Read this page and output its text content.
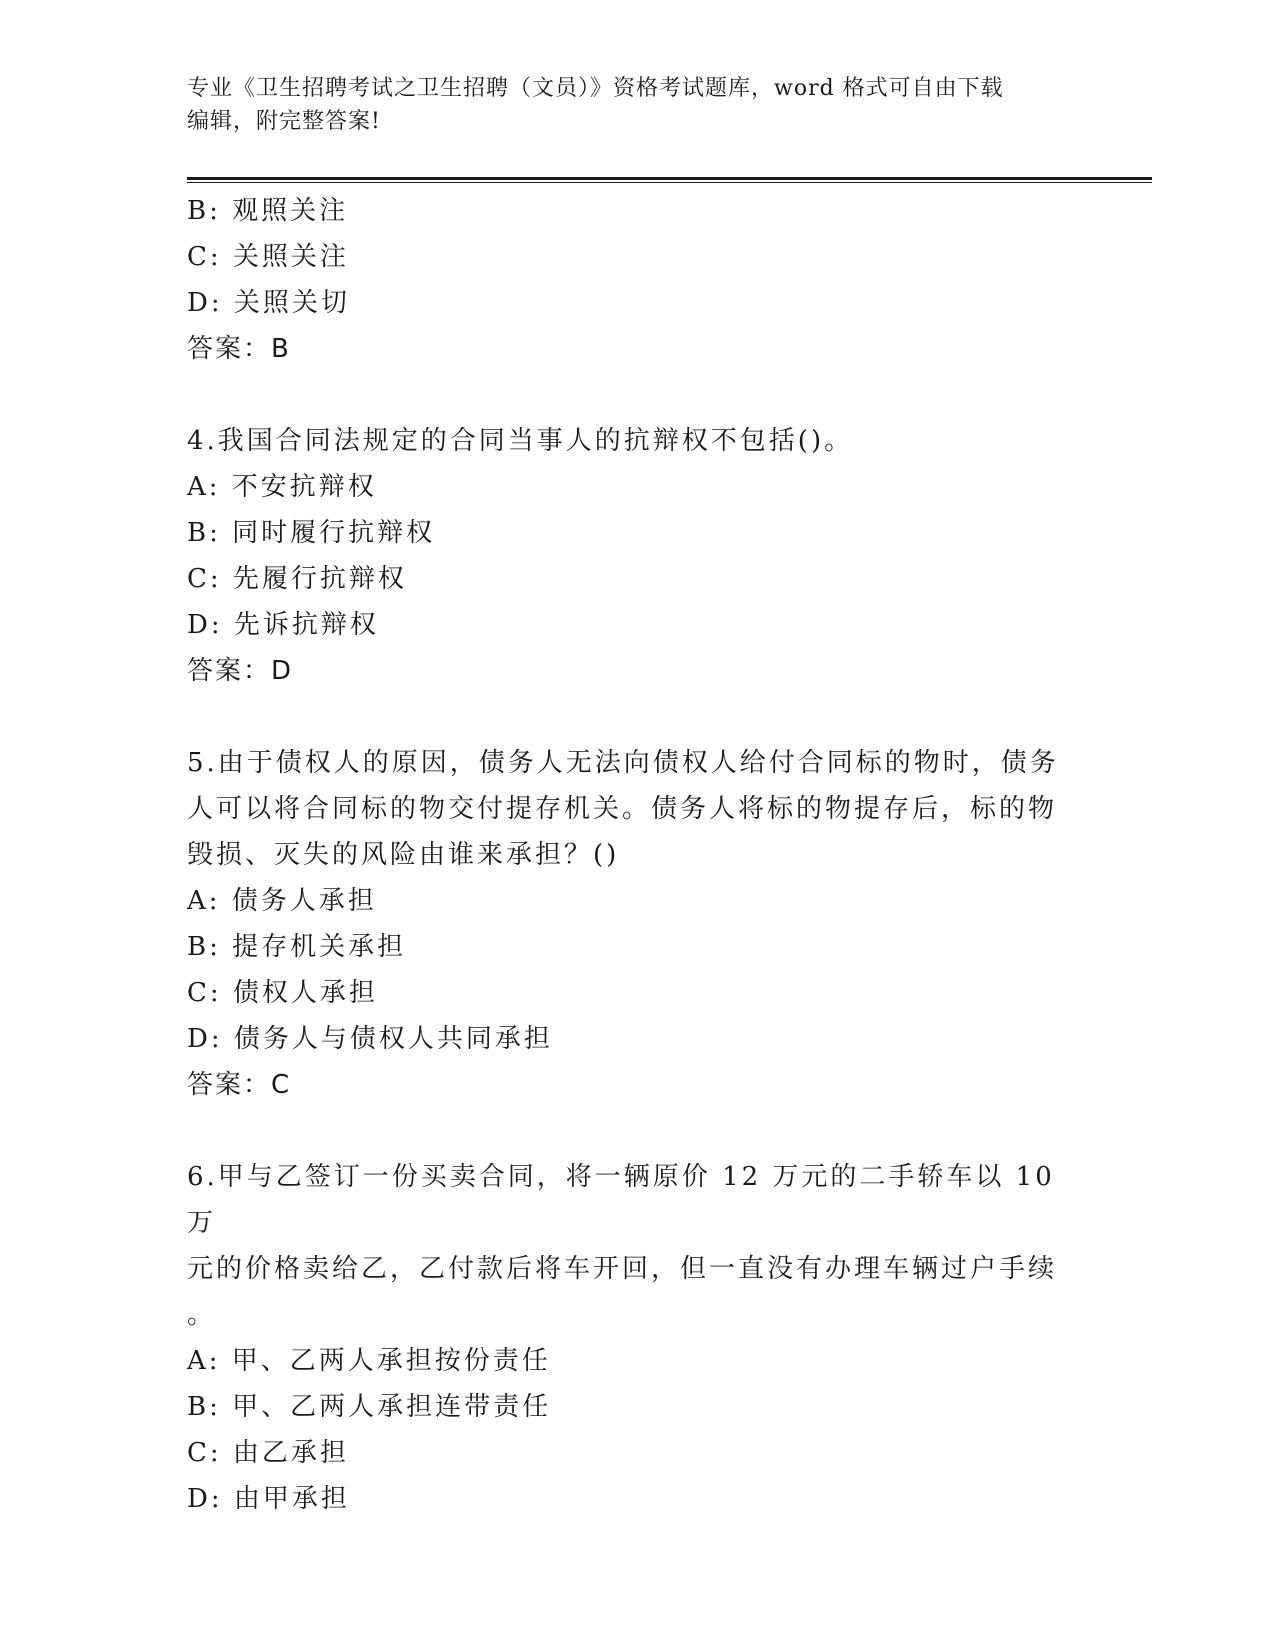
专业《卫生招聘考试之卫生招聘（文员）》资格考试题库，word 格式可自由下载
编辑，附完整答案!
B: 观照关注
C: 关照关注
D: 关照关切
答案：B
4.我国合同法规定的合同当事人的抗辩权不包括()。
A: 不安抗辩权
B: 同时履行抗辩权
C: 先履行抗辩权
D: 先诉抗辩权
答案：D
5.由于债权人的原因，债务人无法向债权人给付合同标的物时，债务
人可以将合同标的物交付提存机关。债务人将标的物提存后，标的物
毁损、灭失的风险由谁来承担？()
A: 债务人承担
B: 提存机关承担
C: 债权人承担
D: 债务人与债权人共同承担
答案：C
6.甲与乙签订一份买卖合同，将一辆原价 12 万元的二手轿车以 10 万
元的价格卖给乙，乙付款后将车开回，但一直没有办理车辆过户手续
。
A: 甲、乙两人承担按份责任
B: 甲、乙两人承担连带责任
C: 由乙承担
D: 由甲承担
